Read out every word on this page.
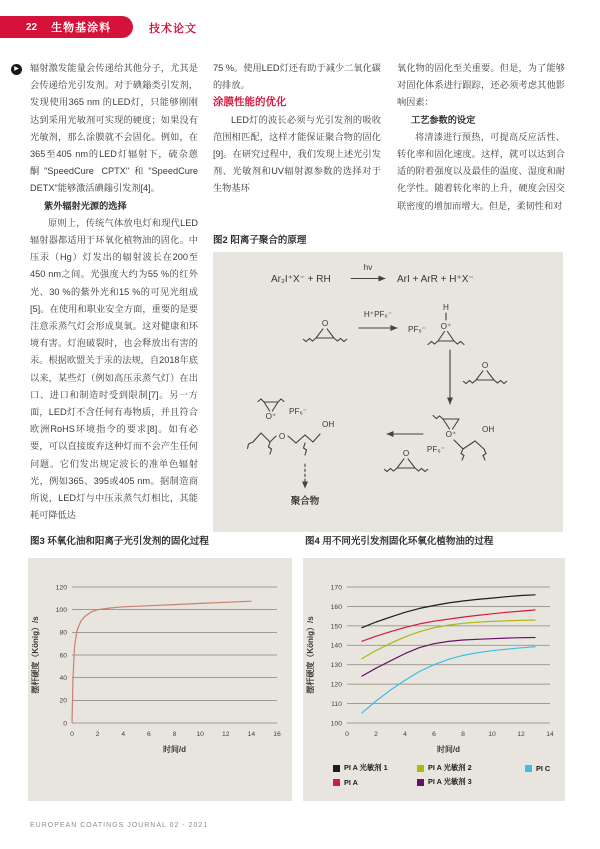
22 生物基涂料	技术论文
▶	辐射激发能量会传递给其他分子，尤其是会传递给光引发剂。对于碘鎓类引发剂，发现使用365 nm 的LED灯，只能够刚刚达到采用光敏剂可实现的硬度；如果没有光敏剂，那么涂膜就不会固化。例如，在365至405 nm的LED灯辐射下，硫杂蒽酮"SpeedCure CPTX"和"SpeedCure DETX"能够激活碘鎓引发剂[4]。

紫外辐射光源的选择

原则上，传统气体放电灯和现代LED辐射器都适用于环氧化植物油的固化。中压汞（Hg）灯发出的辐射波长在200至450 nm之间。光强度大约为55 %的红外光、30 %的紫外光和15 %的可见光组成[5]。在使用和职业安全方面，重要的是要注意汞蒸气灯会形成臭氧。这对健康和环境有害。灯泡破裂时，也会释放出有害的汞。根据欧盟关于汞的法规，自2018年底以来，某些灯（例如高压汞蒸气灯）在出口、进口和制造时受到限制[7]。另一方面，LED灯不含任何有毒物质，并且符合欧洲RoHS环境指令的要求[8]。如有必要，可以直接废弃这种灯而不会产生任何问题。它们发出规定波长的准单色辐射光，例如365、395或405 nm。据制造商所说，LED灯与中压汞蒸气灯相比，其能耗可降低达

75 %。使用LED灯还有助于减少二氧化碳的排放。

涂膜性能的优化

LED灯的波长必须与光引发剂的吸收范围相匹配，这样才能保证聚合物的固化[9]。在研究过程中，我们发现上述光引发剂、光敏剂和UV辐射源参数的选择对于生物基环

氧化物的固化至关重要。但是，为了能够对固化体系进行跟踪，还必须考虑其他影响因素：

工艺参数的设定

将清漆进行预热，可提高反应活性、转化率和固化速度。这样，就可以达到合适的附着强度以及最佳的温度、湿度和耐化学性。随着转化率的上升，硬度会因交联密度的增加而增大。但是，柔韧性和对

图2 阳离子聚合的原理
Ar₂I⁺X⁻ + RH
hv
ArI + ArR + H⁺X⁻
H⁺PF₆⁻
PF₆⁻
H
O⁺
O⁺
OH
PF₆⁻
O⁺
PF₆⁻
O
OH
聚合物
图3 环氧化油和阳离子光引发剂的固化过程
0
20
40
60
80
100
120
0	2	4	6	8	10	12	14	16
时间/d
摆杆硬度（König）/s
图4 用不同光引发剂固化环氧化植物油的过程
100
110
120
130
140
150
160
170
0	2	4	6	8	10	12	14
时间/d
摆杆硬度（König）/s
PI A 光敏剂 1	PI A 光敏剂 2	PI C
PI A	PI A 光敏剂 3
EUROPEAN COATINGS JOURNAL 02 - 2021
